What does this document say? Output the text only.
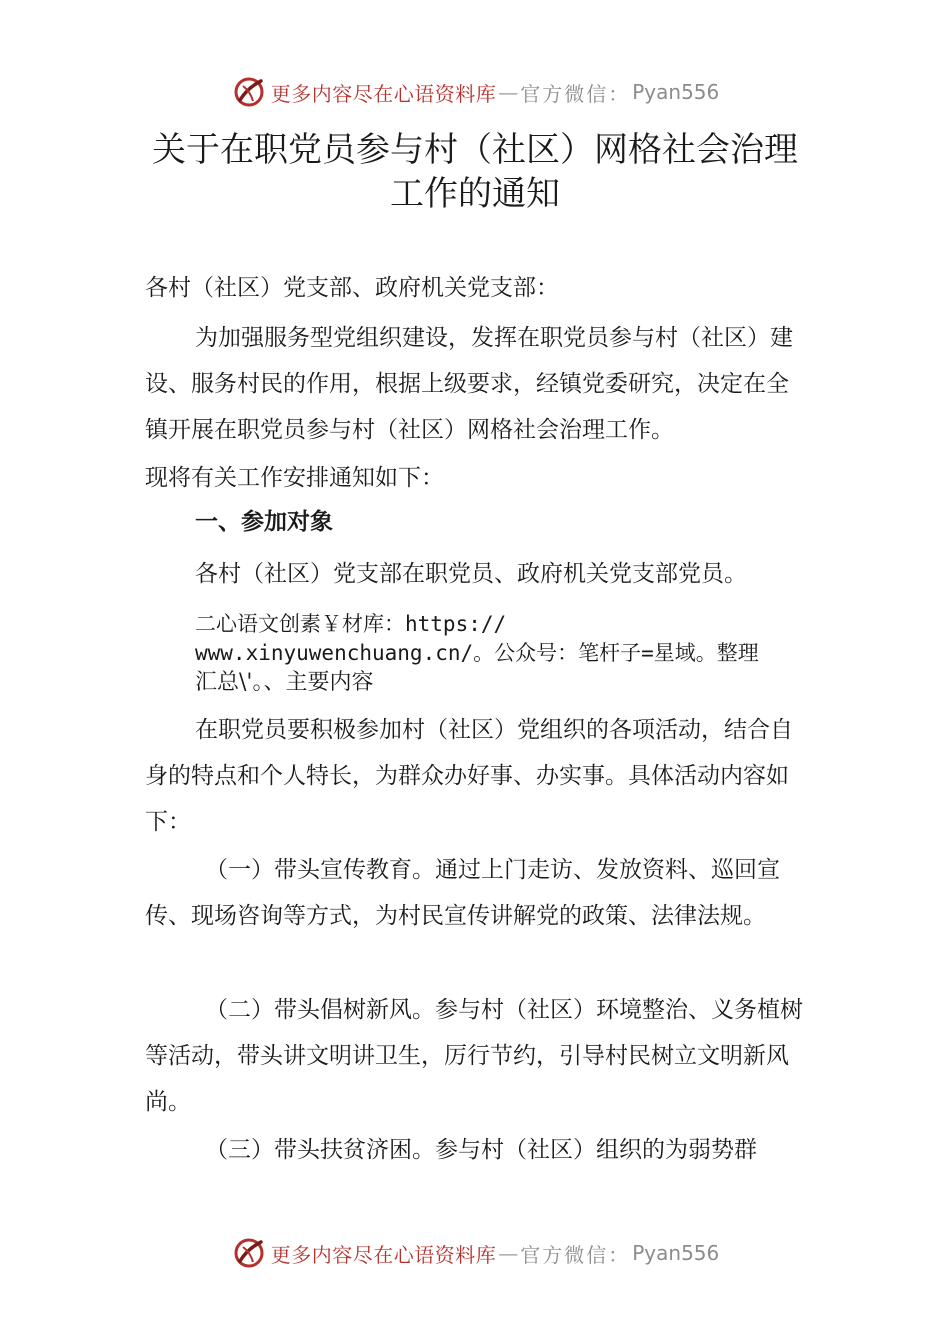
更多内容尽在心语资料库 — 官方微信： Pyan556
关于在职党员参与村（社区）网格社会治理
工作的通知

各村（社区）党支部、政府机关党支部：

为加强服务型党组织建设，发挥在职党员参与村（社区）建设、服务村民的作用，根据上级要求，经镇党委研究，决定在全镇开展在职党员参与村（社区）网格社会治理工作。

现将有关工作安排通知如下：

一、参加对象

各村（社区）党支部在职党员、政府机关党支部党员。

二心语文创素￥材库：https://
www.xinyuwenchuang.cn/。公众号：笔杆子=星域。整理
汇总\'。、主要内容

在职党员要积极参加村（社区）党组织的各项活动，结合自身的特点和个人特长，为群众办好事、办实事。具体活动内容如下：

（一）带头宣传教育。通过上门走访、发放资料、巡回宣传、现场咨询等方式，为村民宣传讲解党的政策、法律法规。

（二）带头倡树新风。参与村（社区）环境整治、义务植树等活动，带头讲文明讲卫生，厉行节约，引导村民树立文明新风尚。

（三）带头扶贫济困。参与村（社区）组织的为弱势群

更多内容尽在心语资料库 — 官方微信： Pyan556
